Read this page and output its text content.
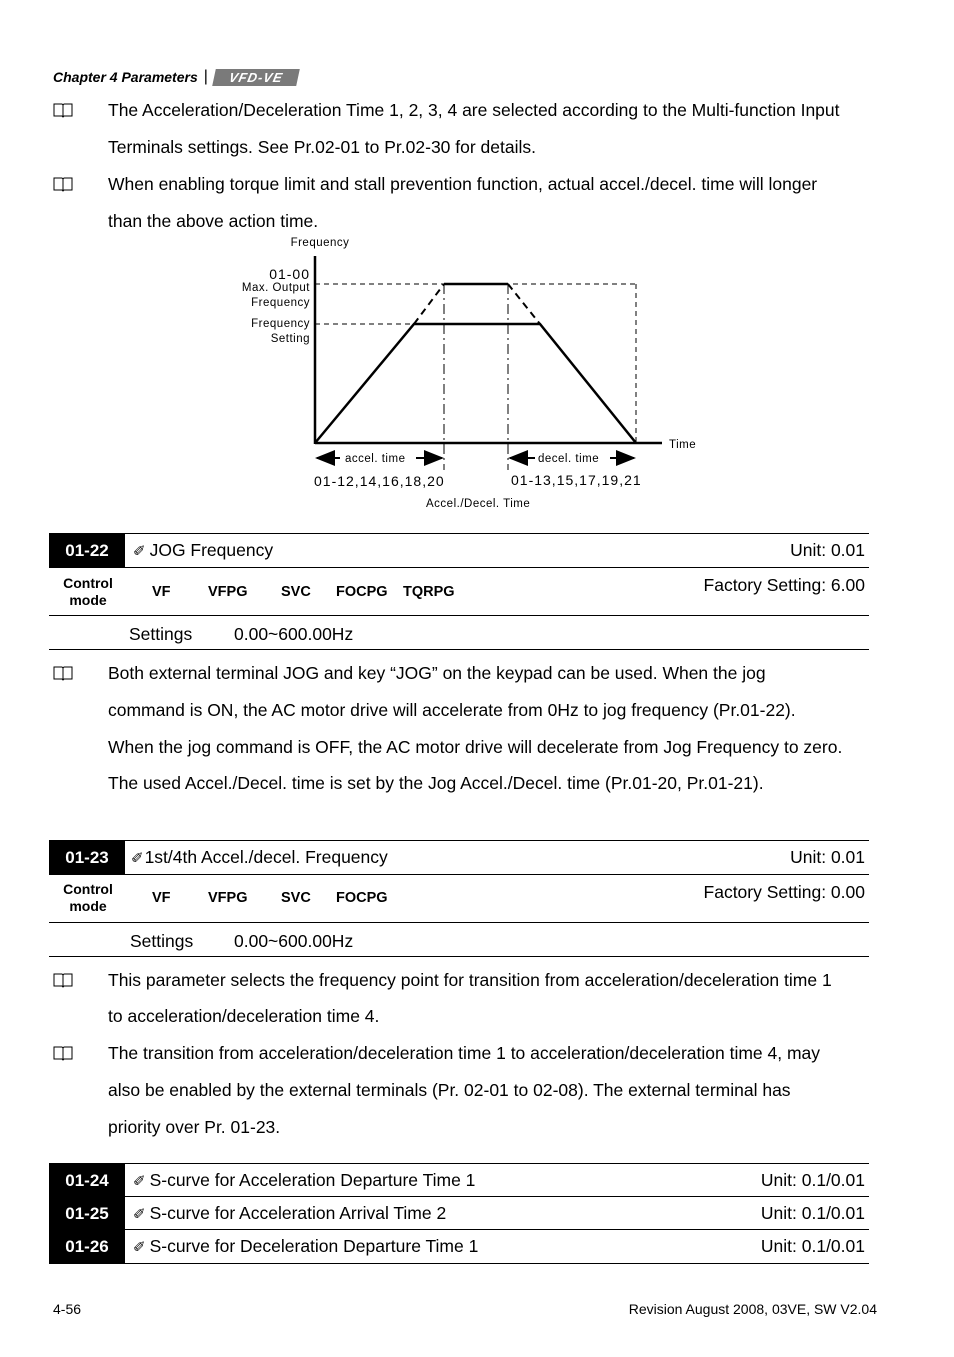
Chapter 4 Parameters |	VFD-VE
The Acceleration/Deceleration Time 1, 2, 3, 4 are selected according to the Multi-function Input
Terminals settings. See Pr.02-01 to Pr.02-30 for details.
When enabling torque limit and stall prevention function, actual accel./decel. time will longer
than the above action time.
Frequency
01-00
Max. Output
Frequency
Frequency
Setting
Time
accel. time	decel. time
01-12,14,16,18,20	01-13,15,17,19,21
Accel./Decel. Time
01-22	✐ JOG Frequency	Unit: 0.01
Control
mode	VF	VFPG SVC FOCPG TQRPG	Factory Setting: 6.00
Settings 0.00~600.00Hz
Both external terminal JOG and key “JOG” on the keypad can be used. When the jog
command is ON, the AC motor drive will accelerate from 0Hz to jog frequency (Pr.01-22).
When the jog command is OFF, the AC motor drive will decelerate from Jog Frequency to zero.
The used Accel./Decel. time is set by the Jog Accel./Decel. time (Pr.01-20, Pr.01-21).
01-23	✐1st/4th Accel./decel. Frequency	Unit: 0.01
Control
mode	VF	VFPG SVC FOCPG	Factory Setting: 0.00
Settings 0.00~600.00Hz
This parameter selects the frequency point for transition from acceleration/deceleration time 1
to acceleration/deceleration time 4.
The transition from acceleration/deceleration time 1 to acceleration/deceleration time 4, may
also be enabled by the external terminals (Pr. 02-01 to 02-08). The external terminal has
priority over Pr. 01-23.
01-24	✐ S-curve for Acceleration Departure Time 1	Unit: 0.1/0.01
01-25	✐ S-curve for Acceleration Arrival Time 2	Unit: 0.1/0.01
01-26	✐ S-curve for Deceleration Departure Time 1	Unit: 0.1/0.01
4-56	Revision August 2008, 03VE, SW V2.04
